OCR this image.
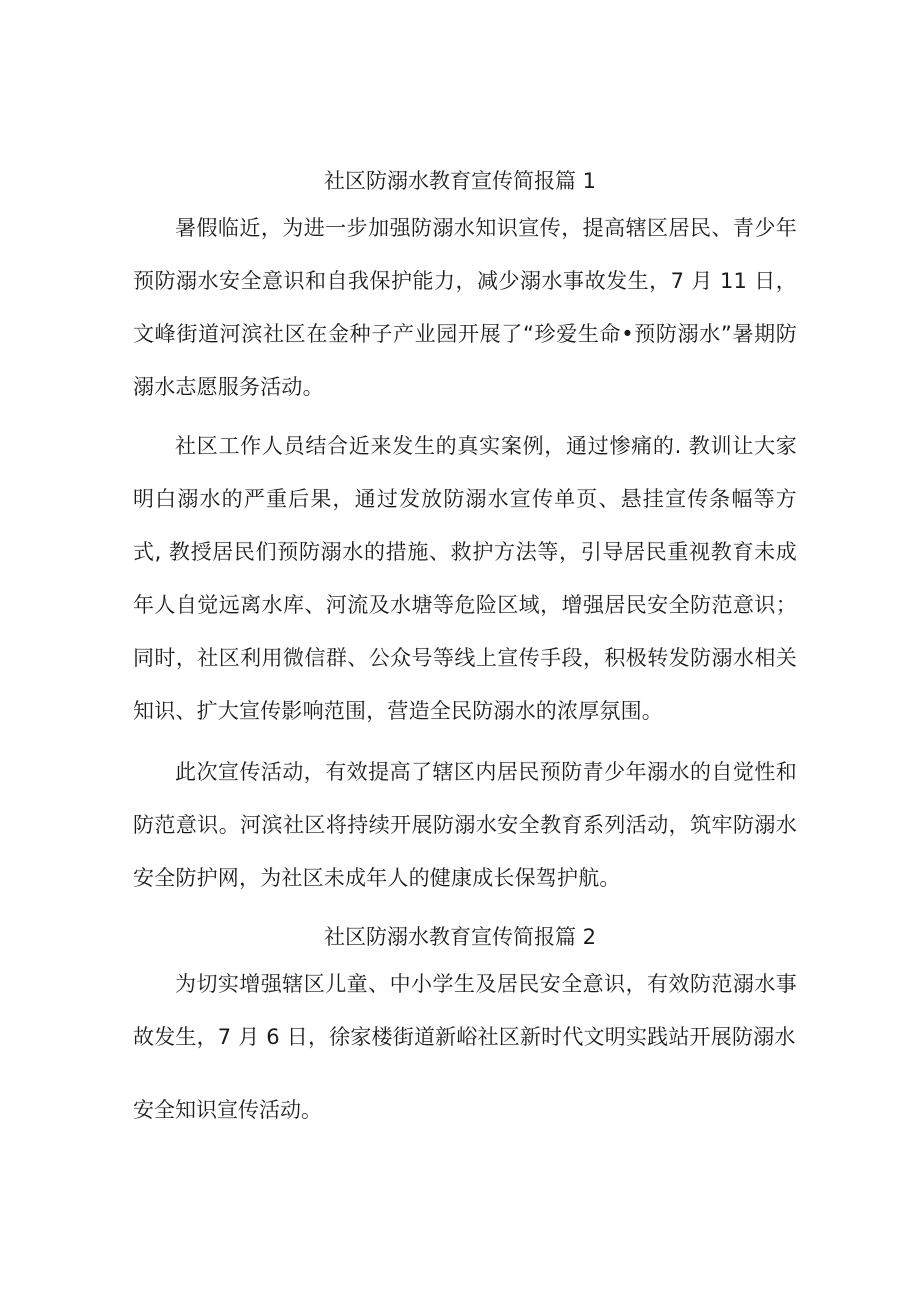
社区防溺水教育宣传简报篇 1

暑假临近，为进一步加强防溺水知识宣传，提高辖区居民、青少年预防溺水安全意识和自我保护能力，减少溺水事故发生，7 月 11 日，文峰街道河滨社区在金种子产业园开展了“珍爱生命•预防溺水”暑期防溺水志愿服务活动。

社区工作人员结合近来发生的真实案例，通过惨痛的. 教训让大家明白溺水的严重后果，通过发放防溺水宣传单页、悬挂宣传条幅等方式, 教授居民们预防溺水的措施、救护方法等，引导居民重视教育未成年人自觉远离水库、河流及水塘等危险区域，增强居民安全防范意识；同时，社区利用微信群、公众号等线上宣传手段，积极转发防溺水相关知识、扩大宣传影响范围，营造全民防溺水的浓厚氛围。

此次宣传活动，有效提高了辖区内居民预防青少年溺水的自觉性和防范意识。河滨社区将持续开展防溺水安全教育系列活动，筑牢防溺水安全防护网，为社区未成年人的健康成长保驾护航。

社区防溺水教育宣传简报篇 2

为切实增强辖区儿童、中小学生及居民安全意识，有效防范溺水事故发生，7 月 6 日，徐家楼街道新峪社区新时代文明实践站开展防溺水

安全知识宣传活动。
